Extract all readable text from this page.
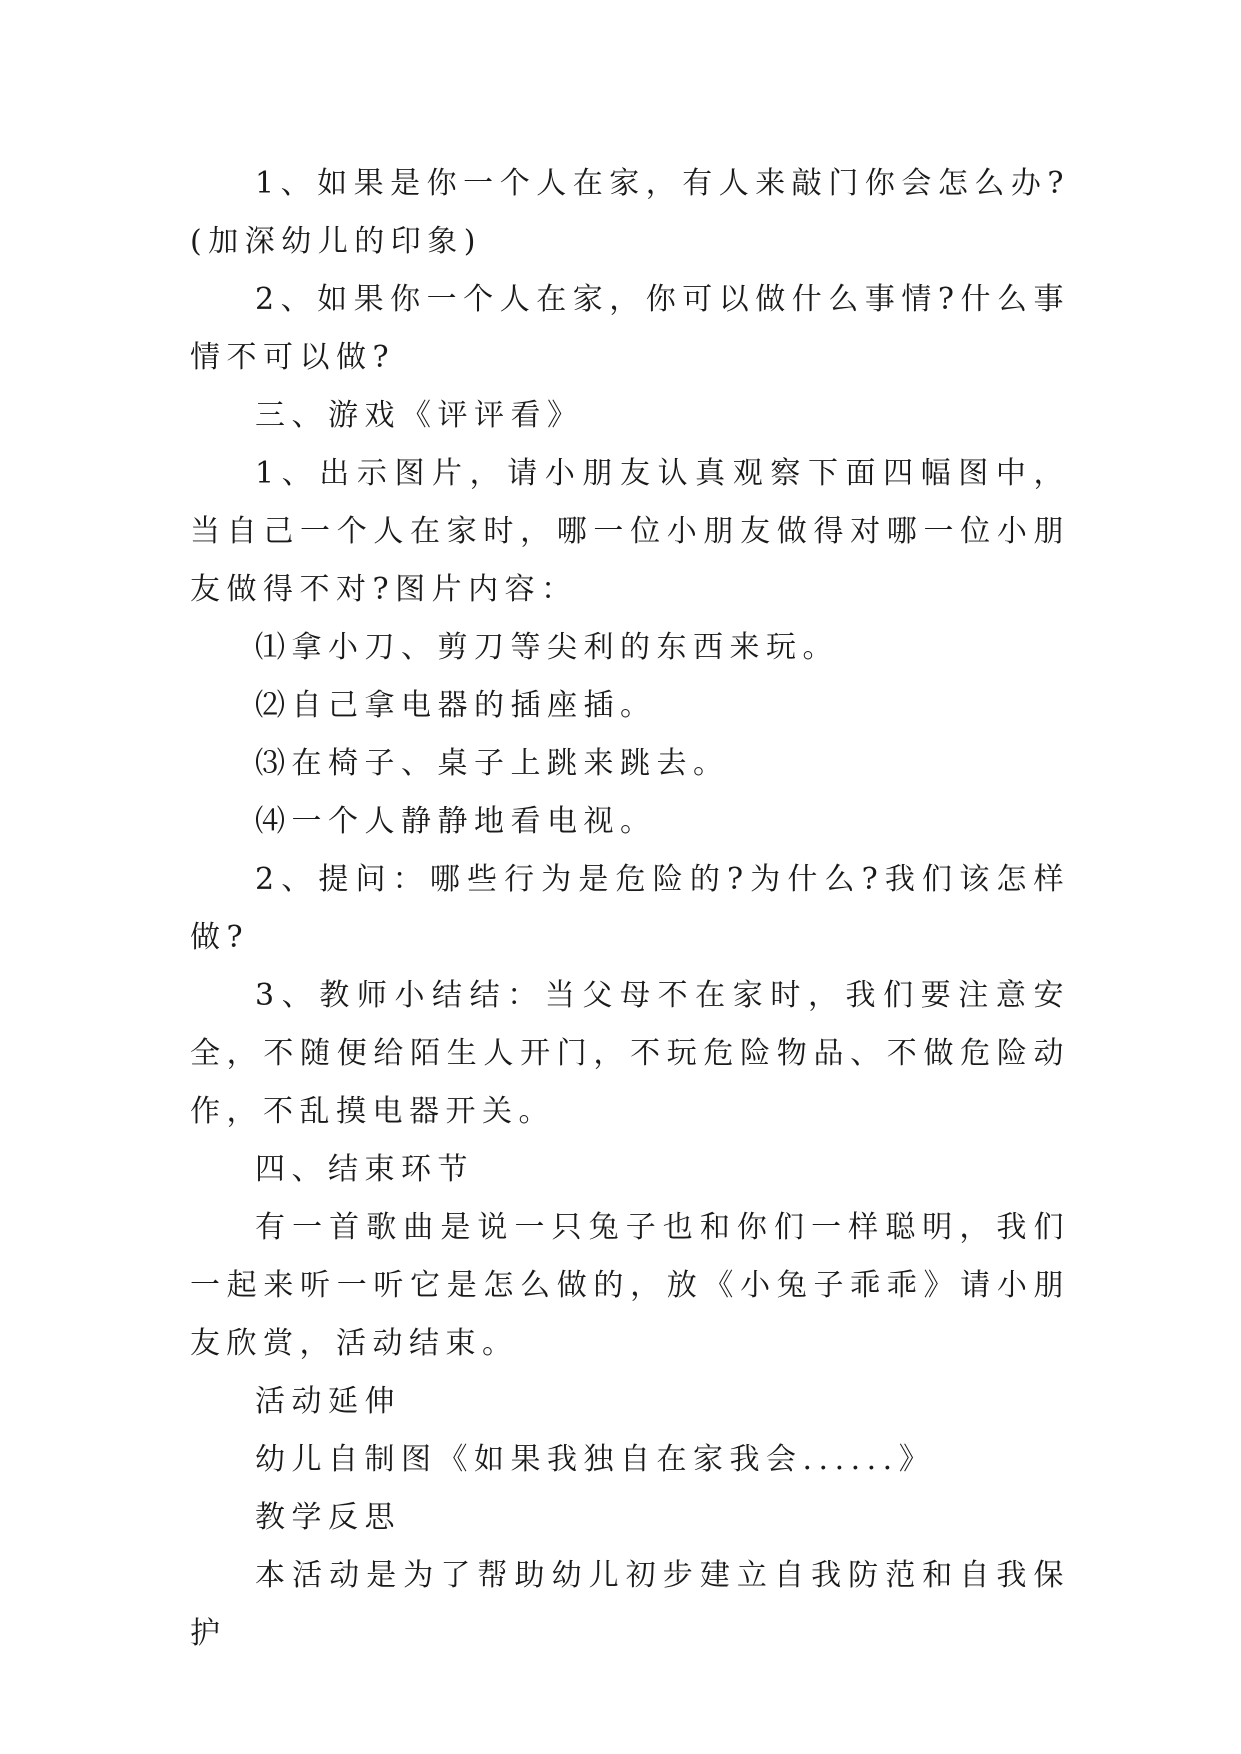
1、如果是你一个人在家，有人来敲门你会怎么办?(加深幼儿的印象)

2、如果你一个人在家，你可以做什么事情?什么事情不可以做?

三、游戏《评评看》

1、出示图片，请小朋友认真观察下面四幅图中，当自己一个人在家时，哪一位小朋友做得对哪一位小朋友做得不对?图片内容：

⑴拿小刀、剪刀等尖利的东西来玩。

⑵自己拿电器的插座插。

⑶在椅子、桌子上跳来跳去。

⑷一个人静静地看电视。

2、提问：哪些行为是危险的?为什么?我们该怎样做?

3、教师小结结：当父母不在家时，我们要注意安全，不随便给陌生人开门，不玩危险物品、不做危险动作，不乱摸电器开关。

四、结束环节

有一首歌曲是说一只兔子也和你们一样聪明，我们一起来听一听它是怎么做的，放《小兔子乖乖》请小朋友欣赏，活动结束。

活动延伸

幼儿自制图《如果我独自在家我会......》

教学反思

本活动是为了帮助幼儿初步建立自我防范和自我保护
